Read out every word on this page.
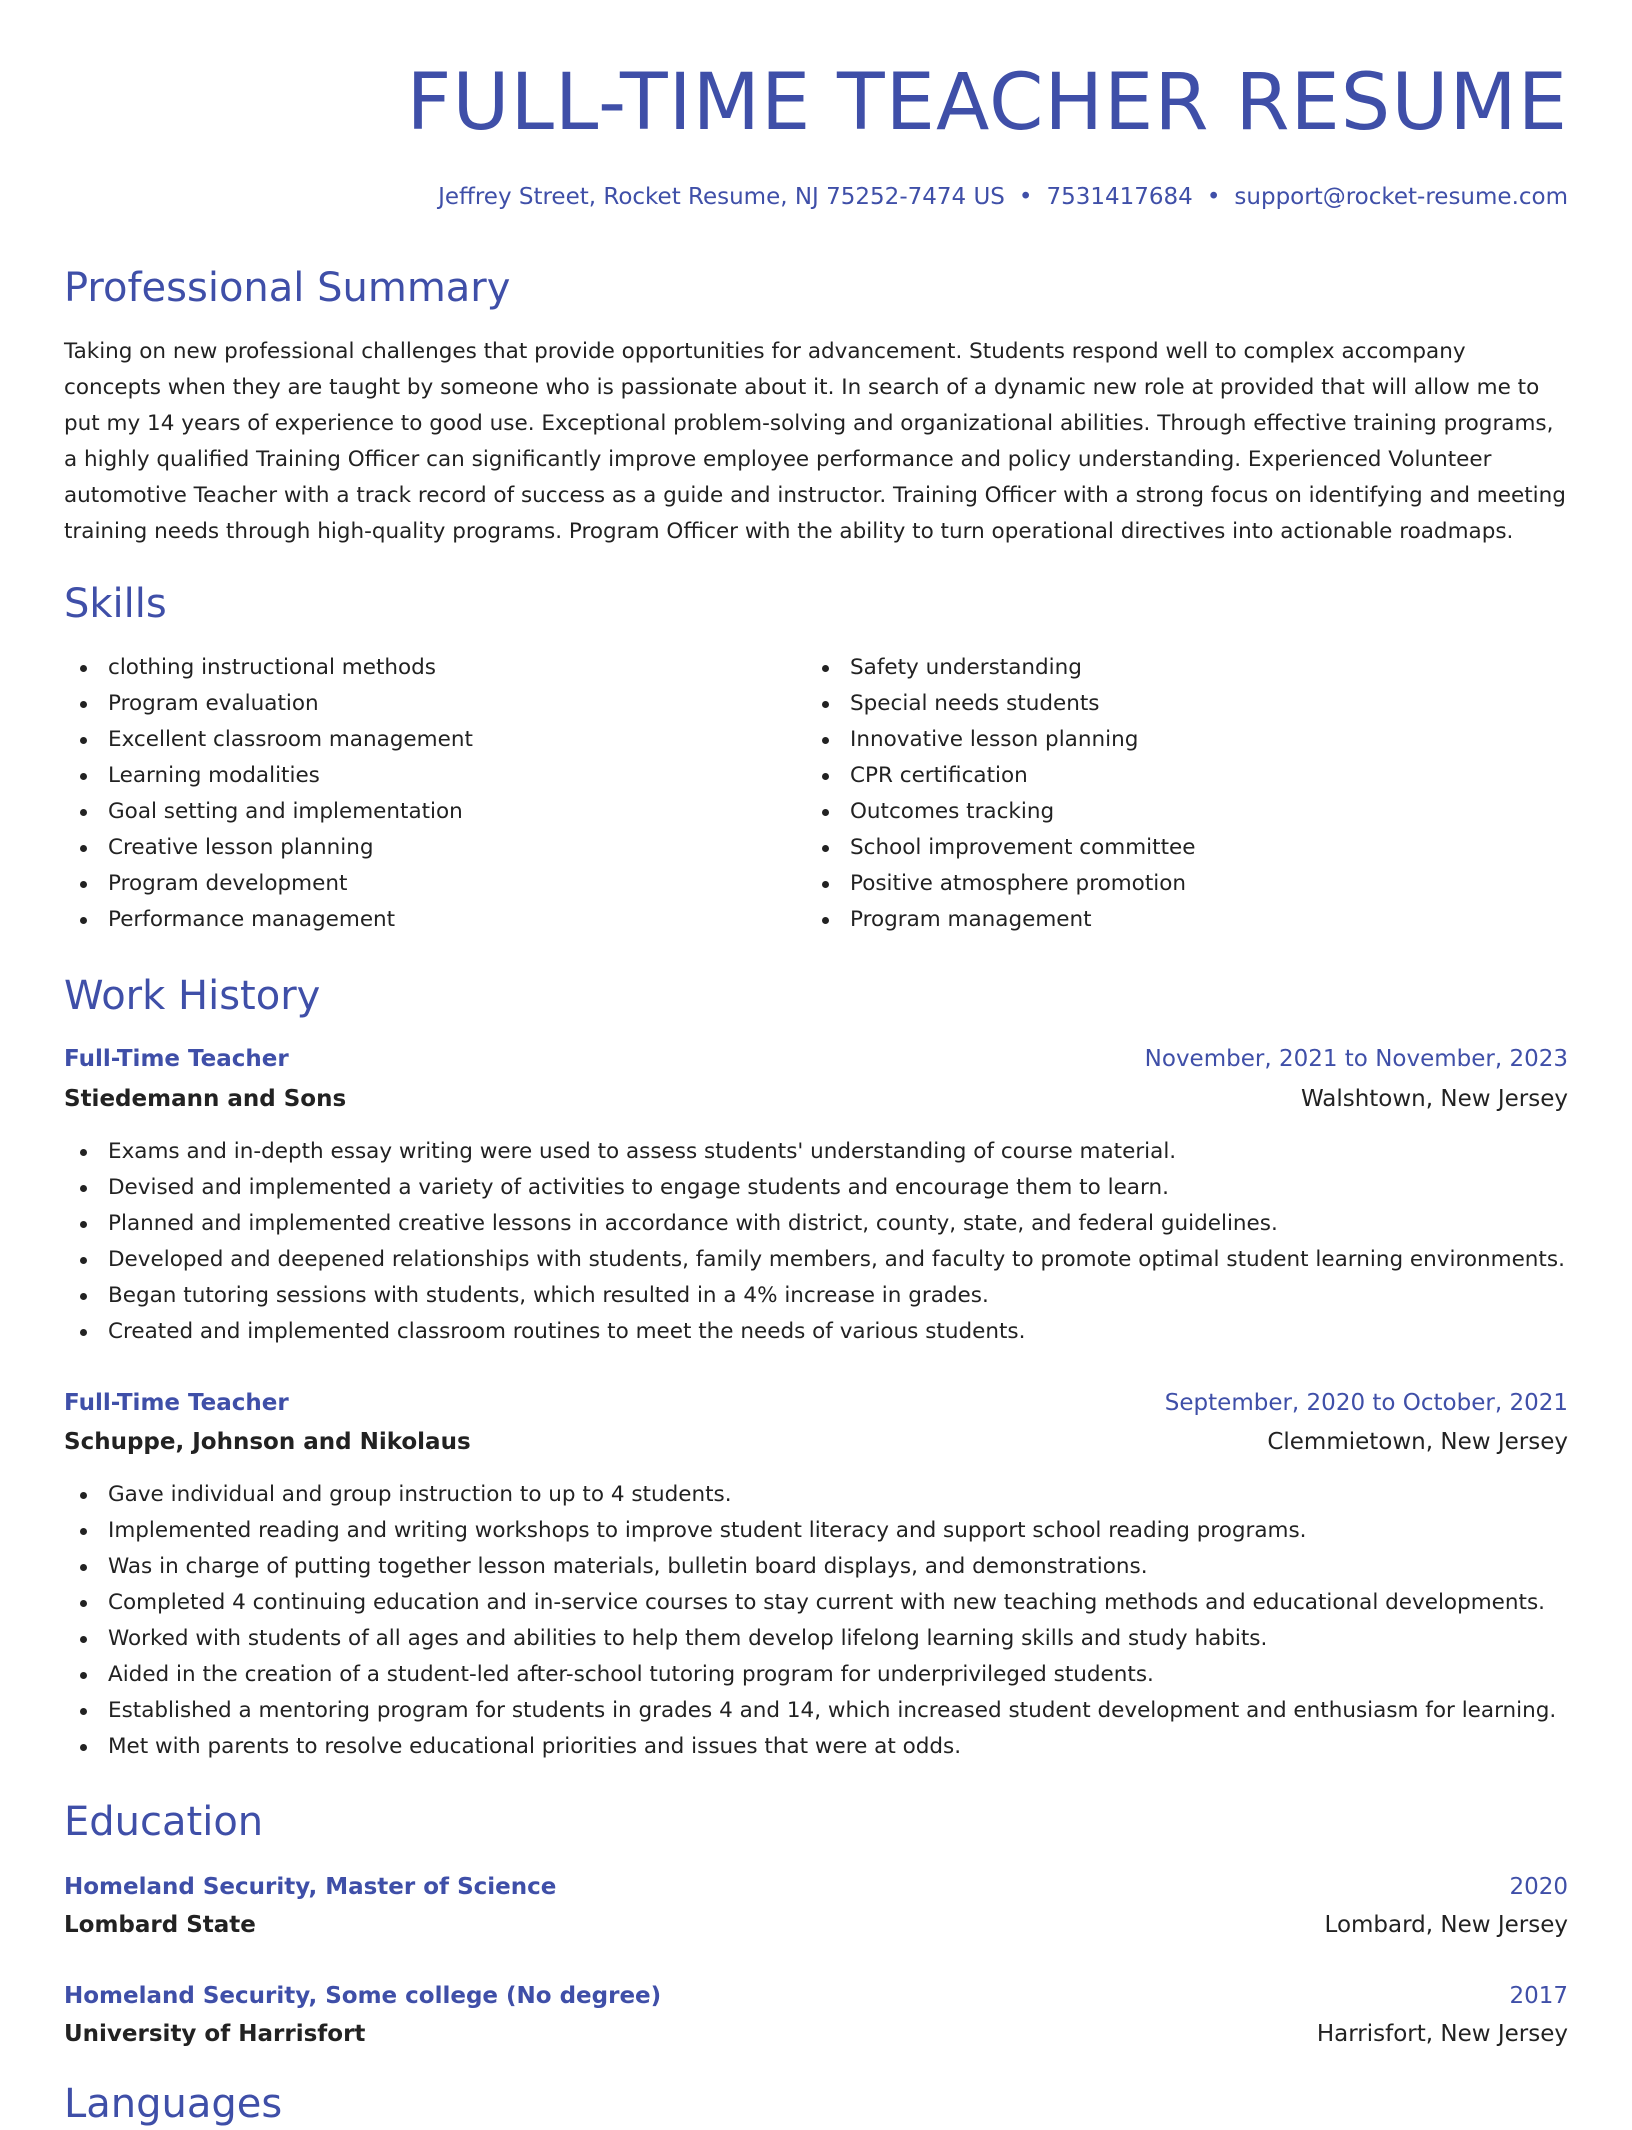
FULL-TIME TEACHER RESUME
Jeffrey Street, Rocket Resume, NJ 75252-7474 US • 7531417684 • support@rocket-resume.com
Professional Summary

Taking on new professional challenges that provide opportunities for advancement. Students respond well to complex accompany concepts when they are taught by someone who is passionate about it. In search of a dynamic new role at provided that will allow me to put my 14 years of experience to good use. Exceptional problem-solving and organizational abilities. Through effective training programs, a highly qualified Training Officer can significantly improve employee performance and policy understanding. Experienced Volunteer automotive Teacher with a track record of success as a guide and instructor. Training Officer with a strong focus on identifying and meeting training needs through high-quality programs. Program Officer with the ability to turn operational directives into actionable roadmaps.

Skills
clothing instructional methods
Program evaluation
Excellent classroom management
Learning modalities
Goal setting and implementation
Creative lesson planning
Program development
Performance management
Safety understanding
Special needs students
Innovative lesson planning
CPR certification
Outcomes tracking
School improvement committee
Positive atmosphere promotion
Program management
Work History
Full-Time Teacher	November, 2021 to November, 2023
Stiedemann and Sons	Walshtown, New Jersey
Exams and in-depth essay writing were used to assess students' understanding of course material.
Devised and implemented a variety of activities to engage students and encourage them to learn.
Planned and implemented creative lessons in accordance with district, county, state, and federal guidelines.
Developed and deepened relationships with students, family members, and faculty to promote optimal student learning environments.
Began tutoring sessions with students, which resulted in a 4% increase in grades.
Created and implemented classroom routines to meet the needs of various students.
Full-Time Teacher	September, 2020 to October, 2021
Schuppe, Johnson and Nikolaus	Clemmietown, New Jersey
Gave individual and group instruction to up to 4 students.
Implemented reading and writing workshops to improve student literacy and support school reading programs.
Was in charge of putting together lesson materials, bulletin board displays, and demonstrations.
Completed 4 continuing education and in-service courses to stay current with new teaching methods and educational developments.
Worked with students of all ages and abilities to help them develop lifelong learning skills and study habits.
Aided in the creation of a student-led after-school tutoring program for underprivileged students.
Established a mentoring program for students in grades 4 and 14, which increased student development and enthusiasm for learning.
Met with parents to resolve educational priorities and issues that were at odds.
Education
Homeland Security, Master of Science	2020
Lombard State	Lombard, New Jersey
Homeland Security, Some college (No degree)	2017
University of Harrisfort	Harrisfort, New Jersey
Languages
